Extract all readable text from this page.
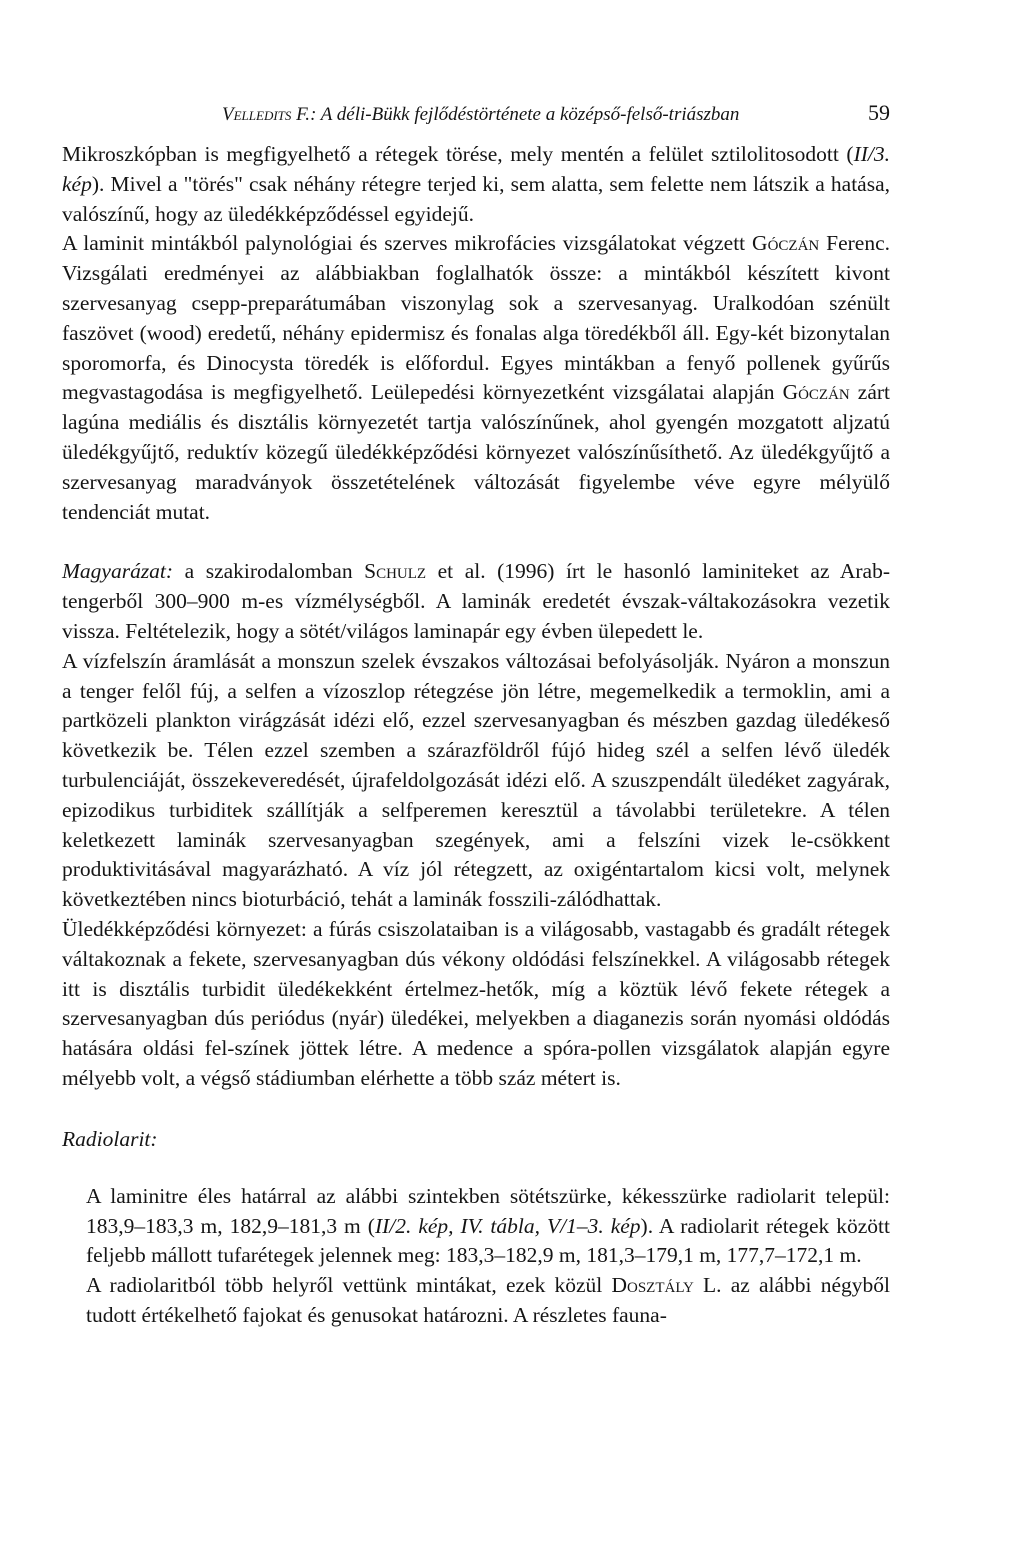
Velledits F.: A déli-Bükk fejlődéstörténete a középső-felső-triászban	59

Mikroszkópban is megfigyelhető a rétegek törése, mely mentén a felület sztilolitosodott (II/3. kép). Mivel a "törés" csak néhány rétegre terjed ki, sem alatta, sem felette nem látszik a hatása, valószínű, hogy az üledékképződéssel egyidejű.

A laminit mintákból palynológiai és szerves mikrofácies vizsgálatokat végzett Góczán Ferenc. Vizsgálati eredményei az alábbiakban foglalhatók össze: a mintákból készített kivont szervesanyag csepp-preparátumában viszonylag sok a szervesanyag. Uralkodóan szénült faszövet (wood) eredetű, néhány epidermisz és fonalas alga töredékből áll. Egy-két bizonytalan sporomorfa, és Dinocysta töredék is előfordul. Egyes mintákban a fenyő pollenek gyűrűs megvastagodása is megfigyelhető. Leülepedési környezetként vizsgálatai alapján Góczán zárt lagúna mediális és disztális környezetét tartja valószínűnek, ahol gyengén mozgatott aljzatú üledékgyűjtő, reduktív közegű üledékképződési környezet valószínűsíthető. Az üledékgyűjtő a szervesanyag maradványok összetételének változását figyelembe véve egyre mélyülő tendenciát mutat.

Magyarázat: a szakirodalomban Schulz et al. (1996) írt le hasonló laminiteket az Arab-tengerből 300–900 m-es vízmélységből. A laminák eredetét évszak-váltakozásokra vezetik vissza. Feltételezik, hogy a sötét/világos laminapár egy évben ülepedett le.

A vízfelszín áramlását a monszun szelek évszakos változásai befolyásolják. Nyáron a monszun a tenger felől fúj, a selfen a vízoszlop rétegzése jön létre, megemelkedik a termoklin, ami a partközeli plankton virágzását idézi elő, ezzel szervesanyagban és mészben gazdag üledékeső következik be. Télen ezzel szemben a szárazföldről fújó hideg szél a selfen lévő üledék turbulenciáját, összekeveredését, újrafeldolgozását idézi elő. A szuszpendált üledéket zagyárak, epizodikus turbiditek szállítják a selfperemen keresztül a távolabbi területekre. A télen keletkezett laminák szervesanyagban szegények, ami a felszíni vizek le-csökkent produktivitásával magyarázható. A víz jól rétegzett, az oxigéntartalom kicsi volt, melynek következtében nincs bioturbáció, tehát a laminák fosszili-zálódhattak.

Üledékképződési környezet: a fúrás csiszolataiban is a világosabb, vastagabb és gradált rétegek váltakoznak a fekete, szervesanyagban dús vékony oldódási felszínekkel. A világosabb rétegek itt is disztális turbidit üledékekként értelmez-hetők, míg a köztük lévő fekete rétegek a szervesanyagban dús periódus (nyár) üledékei, melyekben a diaganezis során nyomási oldódás hatására oldási fel-színek jöttek létre. A medence a spóra-pollen vizsgálatok alapján egyre mélyebb volt, a végső stádiumban elérhette a több száz métert is.

Radiolarit:

A laminitre éles határral az alábbi szintekben sötétszürke, kékesszürke radiolarit települ: 183,9–183,3 m, 182,9–181,3 m (II/2. kép, IV. tábla, V/1–3. kép). A radiolarit rétegek között feljebb mállott tufarétegek jelennek meg: 183,3–182,9 m, 181,3–179,1 m, 177,7–172,1 m.

A radiolaritból több helyről vettünk mintákat, ezek közül Dosztály L. az alábbi négyből tudott értékelhető fajokat és genusokat határozni. A részletes fauna-
